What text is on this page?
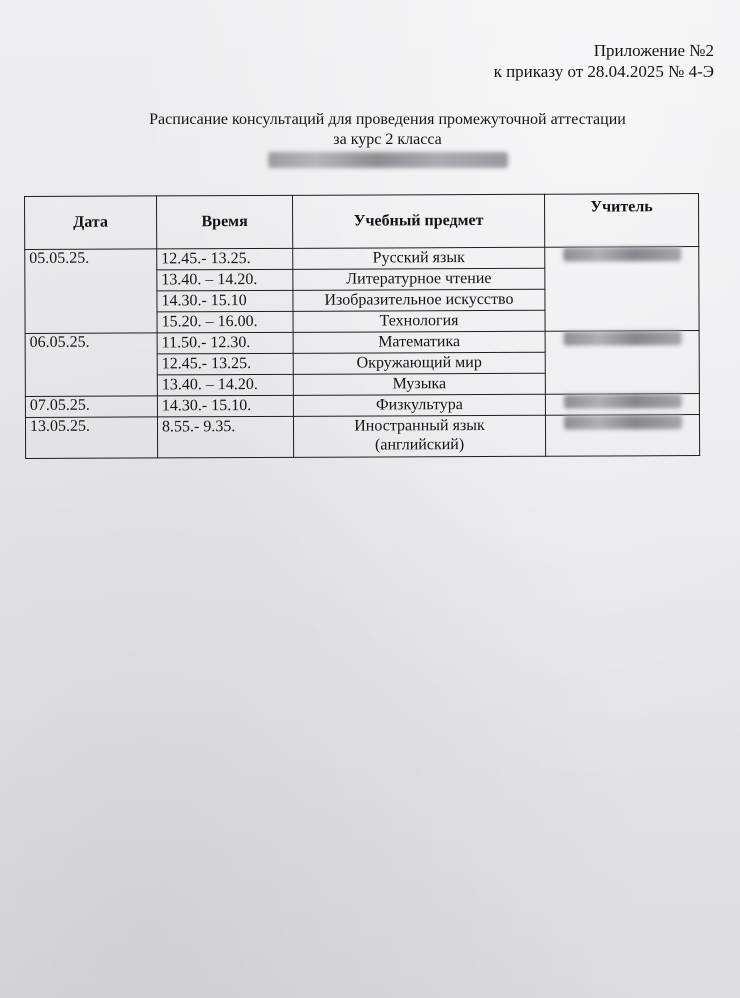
Приложение №2
к приказу от 28.04.2025 № 4-Э
Расписание консультаций для проведения промежуточной аттестации
за курс 2 класса
Дата	Время	Учебный предмет	Учитель
05.05.25.	12.45.- 13.25.	Русский язык	
	13.40. – 14.20.	Литературное чтение	
	14.30.- 15.10	Изобразительное искусство	
	15.20. – 16.00.	Технология	
06.05.25.	11.50.- 12.30.	Математика	
	12.45.- 13.25.	Окружающий мир	
	13.40. – 14.20.	Музыка	
07.05.25.	14.30.- 15.10.	Физкультура	
13.05.25.	8.55.- 9.35.	Иностранный язык
(английский)	
